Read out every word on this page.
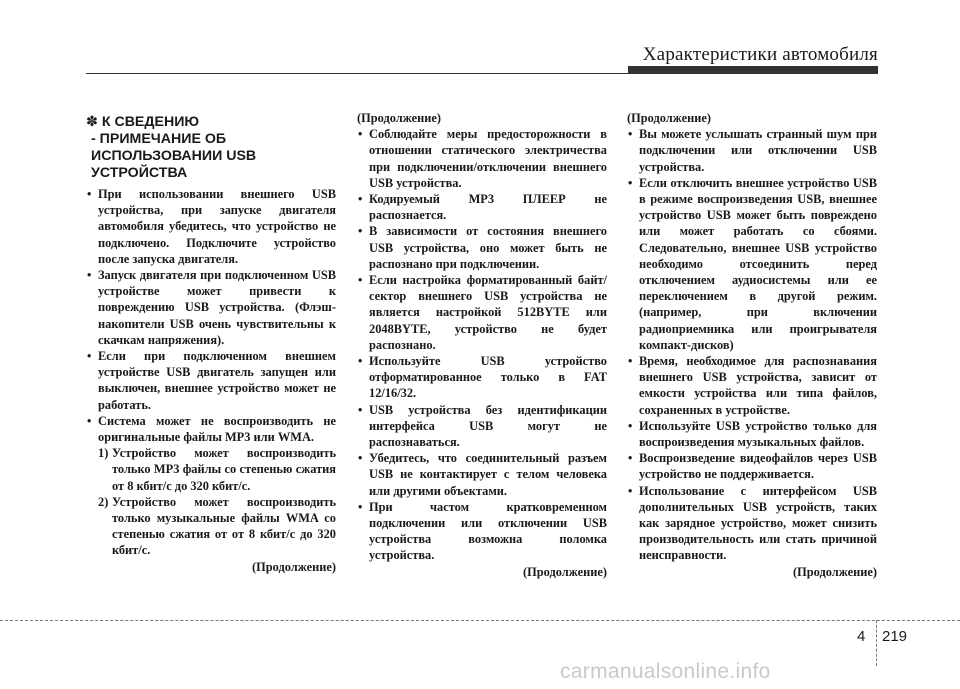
Характеристики автомобиля
✽ К СВЕДЕНИЮ
- ПРИМЕЧАНИЕ ОБ
ИСПОЛЬЗОВАНИИ USB
УСТРОЙСТВА
• При использовании внешнего USB устройства, при запуске двигателя автомобиля убедитесь, что устройство не подключено. Подключите устройство после запуска двигателя.
• Запуск двигателя при подключенном USB устройстве может привести к повреждению USB устройства. (Флэш-накопители USB очень чувствительны к скачкам напряжения).
• Если при подключенном внешнем устройстве USB двигатель запущен или выключен, внешнее устройство может не работать.
• Система может не воспроизводить не оригинальные файлы MP3 или WMA.
1) Устройство может воспроизводить только MP3 файлы со степенью сжатия от 8 кбит/с до 320 кбит/с.
2) Устройство может воспроизводить только музыкальные файлы WMA со степенью сжатия от от 8 кбит/с до 320 кбит/с.
(Продолжение)
(Продолжение)
• Соблюдайте меры предосторожности в отношении статического электричества при подключении/отключении внешнего USB устройства.
• Кодируемый MP3 ПЛЕЕР не распознается.
• В зависимости от состояния внешнего USB устройства, оно может быть не распознано при подключении.
• Если настройка форматированный байт/сектор внешнего USB устройства не является настройкой 512BYTE или 2048BYTE, устройство не будет распознано.
• Используйте USB устройство отформатированное только в FAT 12/16/32.
• USB устройства без идентификации интерфейса USB могут не распознаваться.
• Убедитесь, что соединительный разъем USB не контактирует с телом человека или другими объектами.
• При частом кратковременном подключении или отключении USB устройства возможна поломка устройства.
(Продолжение)
(Продолжение)
• Вы можете услышать странный шум при подключении или отключении USB устройства.
• Если отключить внешнее устройство USB в режиме воспроизведения USB, внешнее устройство USB может быть повреждено или может работать со сбоями. Следовательно, внешнее USB устройство необходимо отсоединить перед отключением аудиосистемы или ее переключением в другой режим. (например, при включении радиоприемника или проигрывателя компакт-дисков)
• Время, необходимое для распознавания внешнего USB устройства, зависит от емкости устройства или типа файлов, сохраненных в устройстве.
• Используйте USB устройство только для воспроизведения музыкальных файлов.
• Воспроизведение видеофайлов через USB устройство не поддерживается.
• Использование с интерфейсом USB дополнительных USB устройств, таких как зарядное устройство, может снизить производительность или стать причиной неисправности.
(Продолжение)
4 219
carmanualsonline.info
